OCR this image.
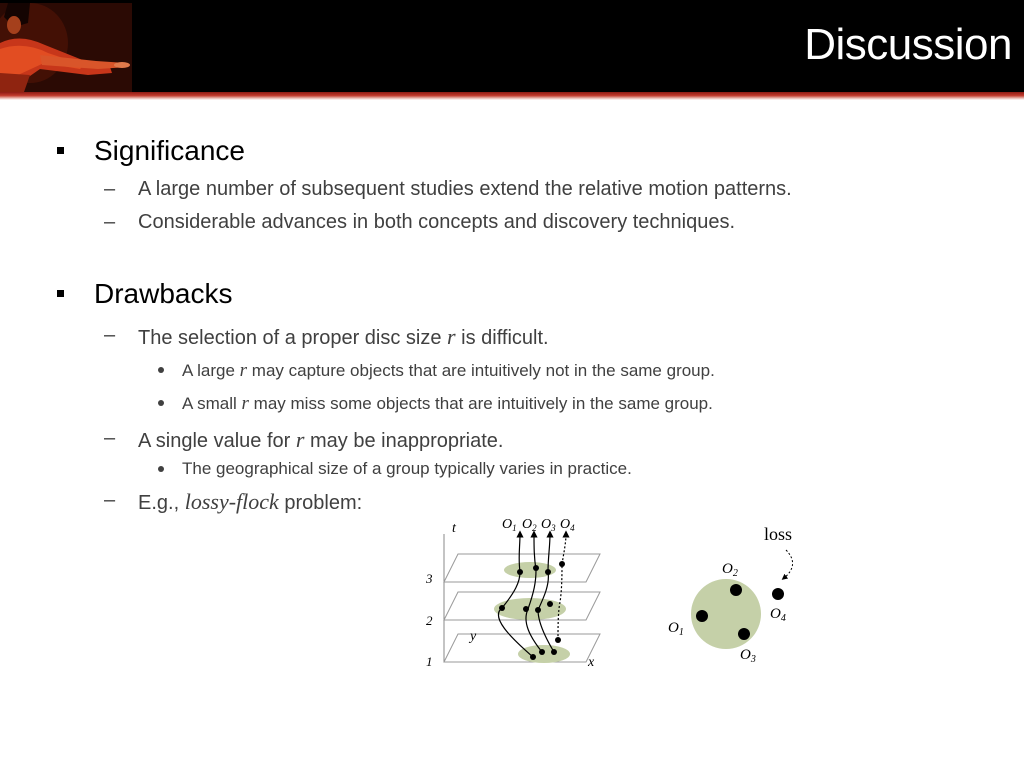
Discussion
Significance
– A large number of subsequent studies extend the relative motion patterns.
– Considerable advances in both concepts and discovery techniques.
Drawbacks
– The selection of a proper disc size r is difficult.
A large r may capture objects that are intuitively not in the same group.
A small r may miss some objects that are intuitively in the same group.
– A single value for r may be inappropriate.
The geographical size of a group typically varies in practice.
– E.g., lossy-flock problem:
t
x
y
1
2
3
$O_1$ $O_2$ $O_3$ $O_4$	loss
$O_2$
$O_1$
$O_3$
$O_4$
